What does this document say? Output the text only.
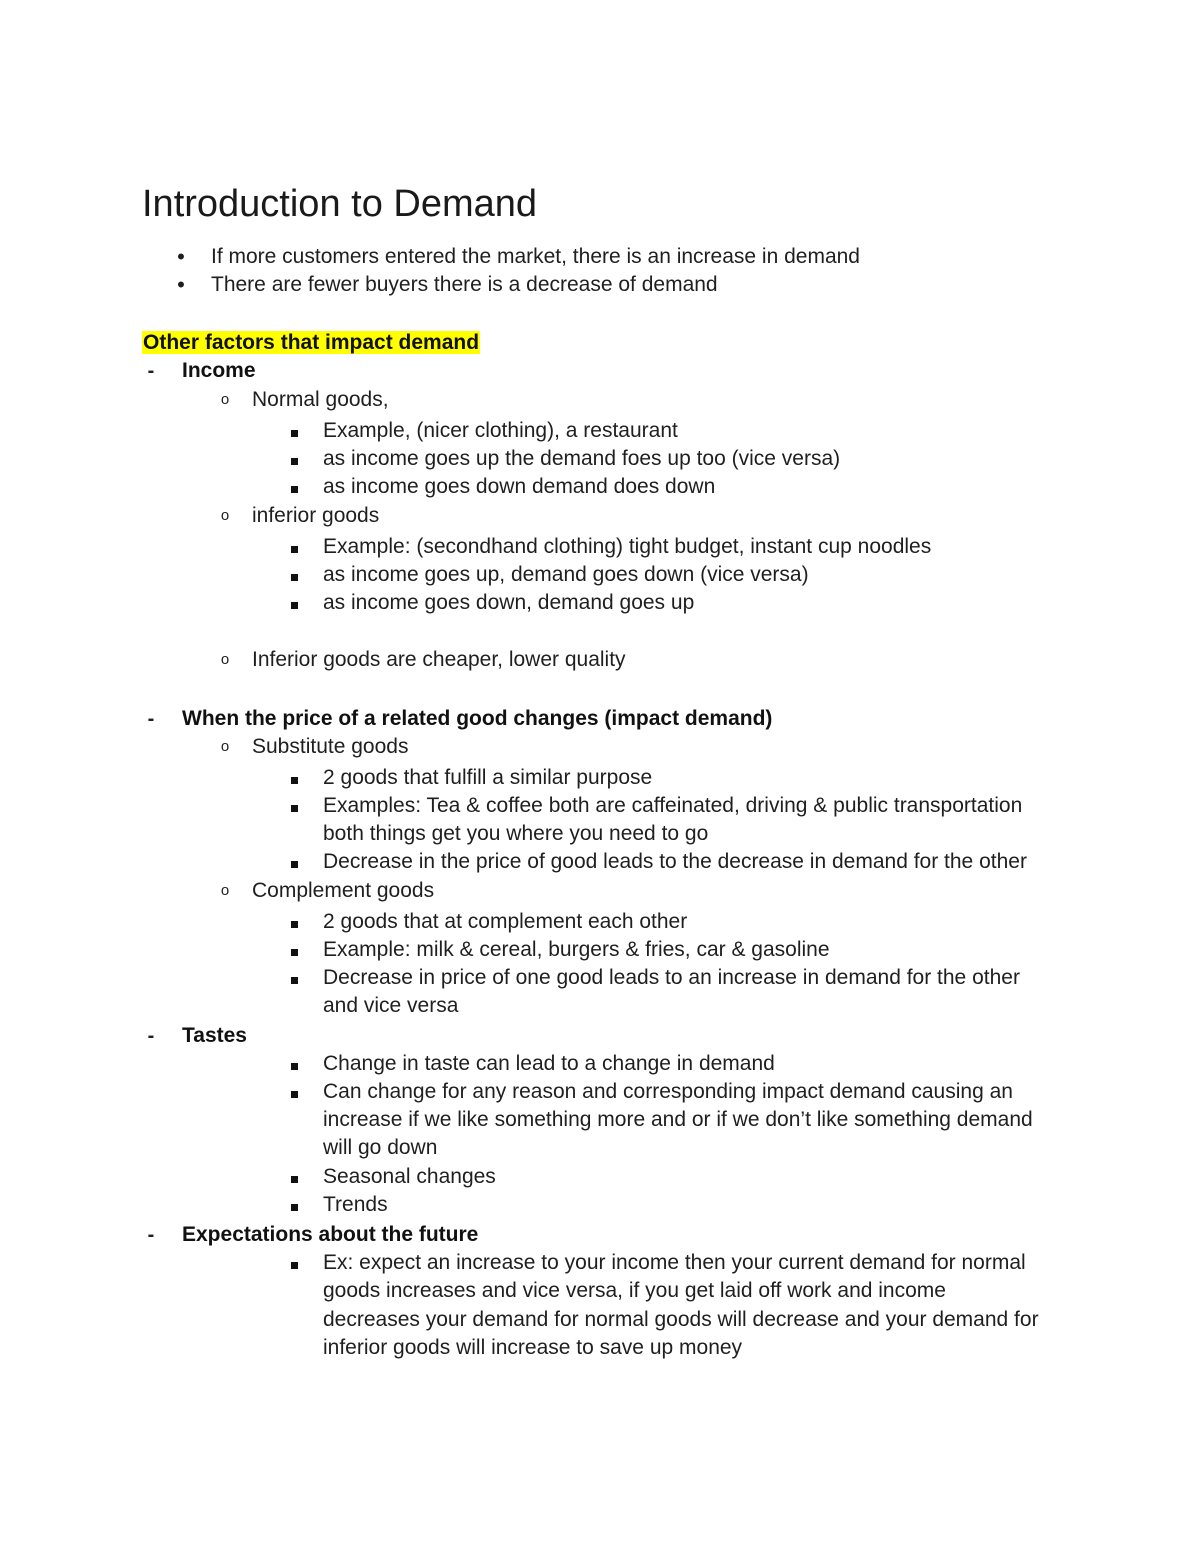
Introduction to Demand
•	If more customers entered the market, there is an increase in demand
•	There are fewer buyers there is a decrease of demand
Other factors that impact demand
-	Income
o	Normal goods,
Example, (nicer clothing), a restaurant
as income goes up the demand foes up too (vice versa)
as income goes down demand does down
o	inferior goods
Example: (secondhand clothing) tight budget, instant cup noodles
as income goes up, demand goes down (vice versa)
as income goes down, demand goes up
o	Inferior goods are cheaper, lower quality
-	When the price of a related good changes (impact demand)
o	Substitute goods
2 goods that fulfill a similar purpose
Examples: Tea & coffee both are caffeinated, driving & public transportation
both things get you where you need to go
Decrease in the price of good leads to the decrease in demand for the other
o	Complement goods
2 goods that at complement each other
Example: milk & cereal, burgers & fries, car & gasoline
Decrease in price of one good leads to an increase in demand for the other
and vice versa
-	Tastes
Change in taste can lead to a change in demand
Can change for any reason and corresponding impact demand causing an
increase if we like something more and or if we don’t like something demand
will go down
Seasonal changes
Trends
-	Expectations about the future
Ex: expect an increase to your income then your current demand for normal
goods increases and vice versa, if you get laid off work and income
decreases your demand for normal goods will decrease and your demand for
inferior goods will increase to save up money
